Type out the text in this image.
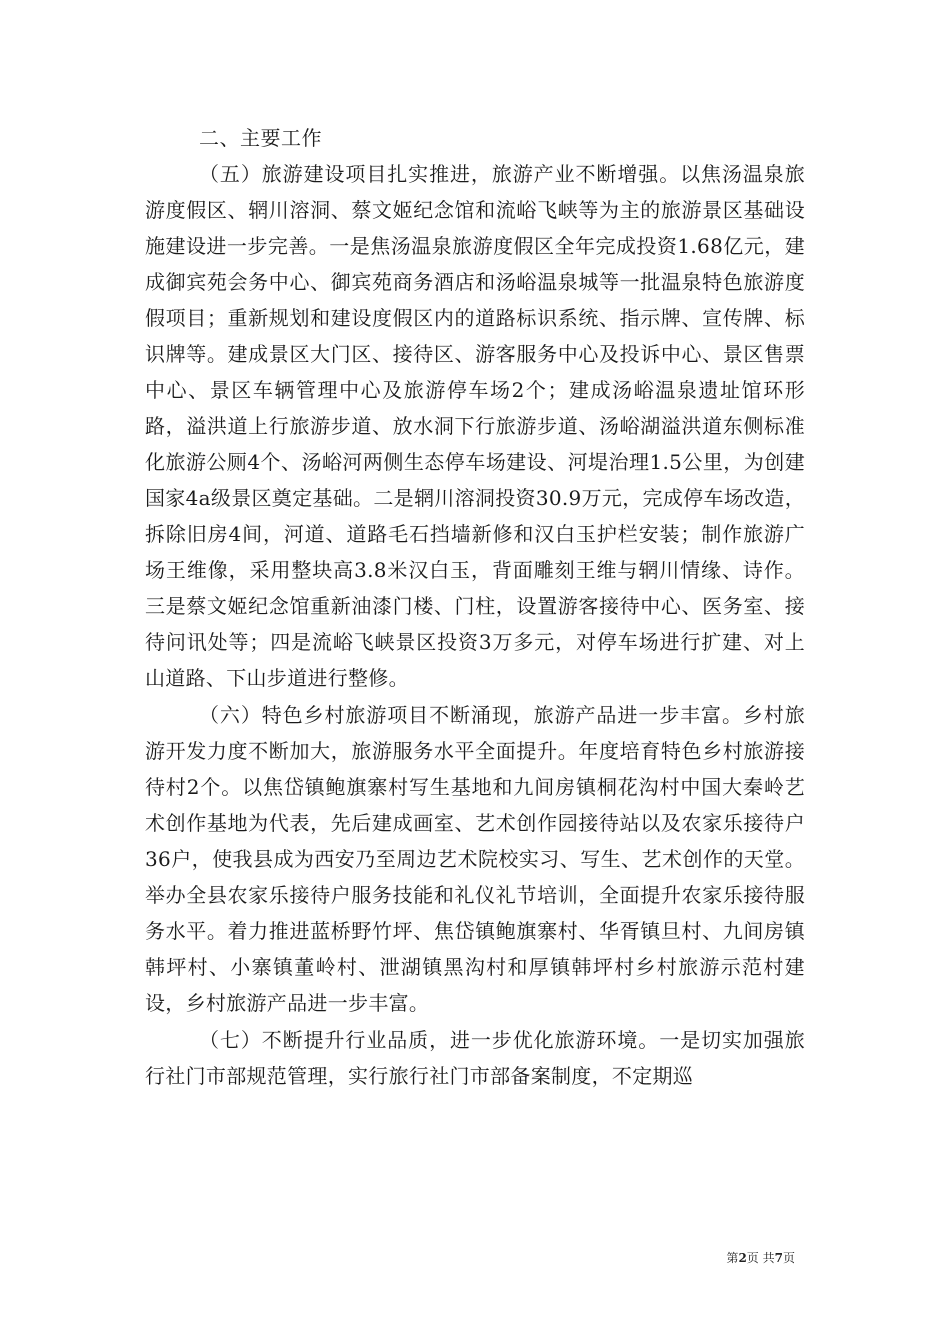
二、主要工作

（五）旅游建设项目扎实推进，旅游产业不断增强。以焦汤温泉旅游度假区、辋川溶洞、蔡文姬纪念馆和流峪飞峡等为主的旅游景区基础设施建设进一步完善。一是焦汤温泉旅游度假区全年完成投资1.68亿元，建成御宾苑会务中心、御宾苑商务酒店和汤峪温泉城等一批温泉特色旅游度假项目；重新规划和建设度假区内的道路标识系统、指示牌、宣传牌、标识牌等。建成景区大门区、接待区、游客服务中心及投诉中心、景区售票中心、景区车辆管理中心及旅游停车场2个；建成汤峪温泉遗址馆环形路，溢洪道上行旅游步道、放水洞下行旅游步道、汤峪湖溢洪道东侧标准化旅游公厕4个、汤峪河两侧生态停车场建设、河堤治理1.5公里，为创建国家4a级景区奠定基础。二是辋川溶洞投资30.9万元，完成停车场改造，拆除旧房4间，河道、道路毛石挡墙新修和汉白玉护栏安装；制作旅游广场王维像，采用整块高3.8米汉白玉，背面雕刻王维与辋川情缘、诗作。三是蔡文姬纪念馆重新油漆门楼、门柱，设置游客接待中心、医务室、接待问讯处等；四是流峪飞峡景区投资3万多元，对停车场进行扩建、对上山道路、下山步道进行整修。

（六）特色乡村旅游项目不断涌现，旅游产品进一步丰富。乡村旅游开发力度不断加大，旅游服务水平全面提升。年度培育特色乡村旅游接待村2个。以焦岱镇鲍旗寨村写生基地和九间房镇桐花沟村中国大秦岭艺术创作基地为代表，先后建成画室、艺术创作园接待站以及农家乐接待户36户，使我县成为西安乃至周边艺术院校实习、写生、艺术创作的天堂。举办全县农家乐接待户服务技能和礼仪礼节培训，全面提升农家乐接待服务水平。着力推进蓝桥野竹坪、焦岱镇鲍旗寨村、华胥镇旦村、九间房镇韩坪村、小寨镇董岭村、泄湖镇黑沟村和厚镇韩坪村乡村旅游示范村建设，乡村旅游产品进一步丰富。

（七）不断提升行业品质，进一步优化旅游环境。一是切实加强旅行社门市部规范管理，实行旅行社门市部备案制度，不定期巡

第2页 共7页
